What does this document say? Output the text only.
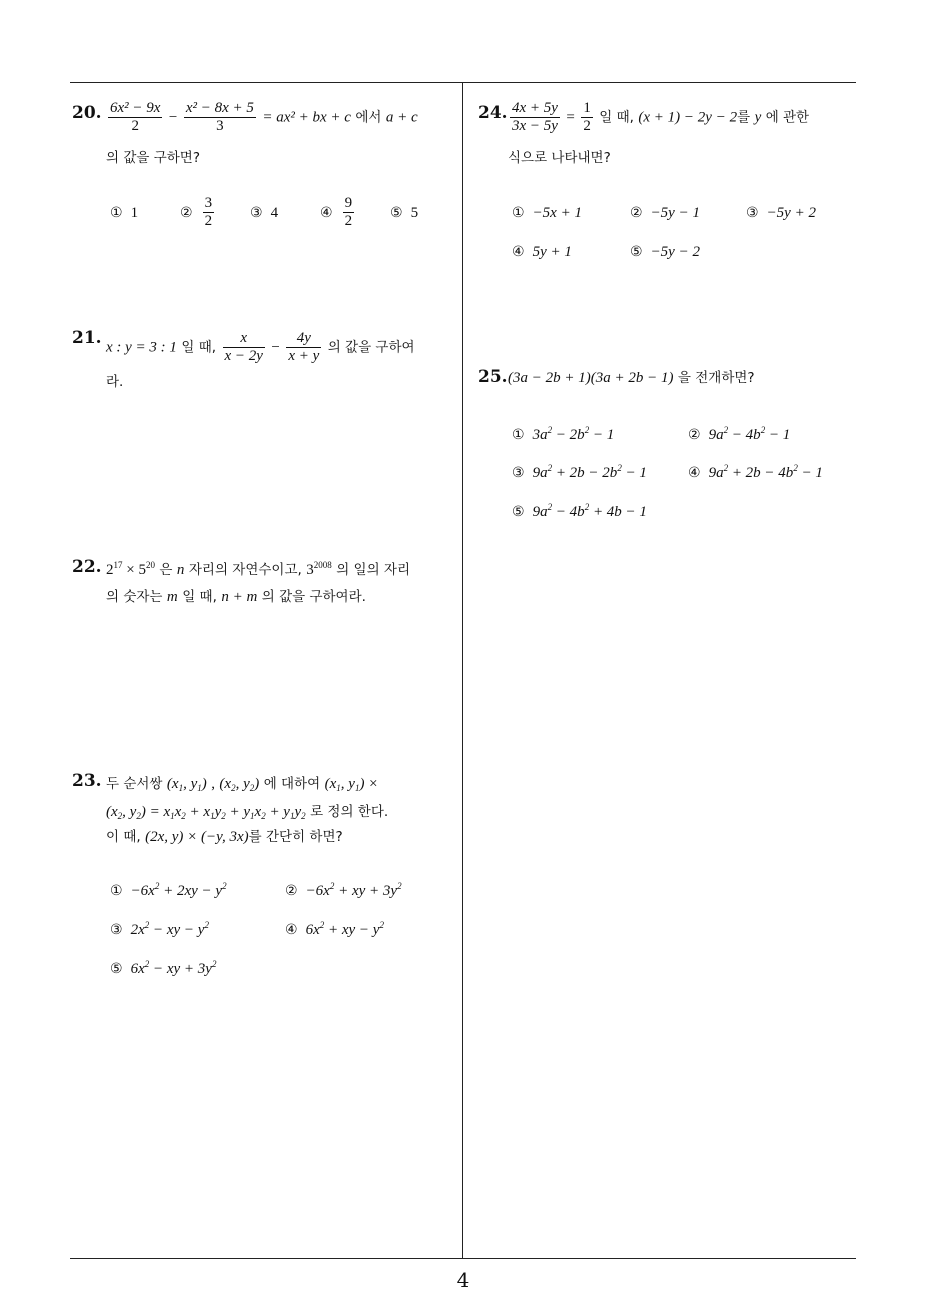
20. $\frac{\text{6x² − 9x}}{2} - \frac{\text{x² − 8x + 5}}{3} = ax^2$ + bx + c 에서 a + c
의 값을 구하면?
① 1	② $\frac{3}{2}$	③ 4	④ $\frac{9}{2}$	⑤ 5
21. x : y = 3 : 1 일 때, $\frac{x}{x - 2y} - \frac{4y}{x + y}$ 의 값을 구하여
라.
22. $2^{17} \times 5^{20}$ 은 n 자리의 자연수이고, $3^{2008}$ 의 일의 자리
의 숫자는 m 일 때, n + m 의 값을 구하여라.
23. 두 순서쌍 ($x_1$, $y_1$) , ($x_2$, $y_2$) 에 대하여 ($x_1$, $y_1$) ×
($x_2$, $y_2) = x_1x_2 + x_1y_2 + y_1x_2 + y_1y_2$ 로 정의 한다.
이 때, (2x, y) × (−y, 3x)를 간단히 하면?
① $-6x^2 + 2xy - y^2$	② $-6x^2$ + xy + $3y^2$
③ $2x^2$ − xy − $y^2$	④ $6x^2$ + xy − $y^2$
⑤ $6x^2$ − xy + $3y^2$
24. $\frac{4x + 5y}{3x - 5y} = \frac{1}{2}$ 일 때, (x + 1) − 2y − 2를 y 에 관한
식으로 나타내면?
① −5x + 1	② −5y − 1	③ −5y + 2
④ 5y + 1	⑤ −5y − 2
25. (3a − 2b + 1)(3a + 2b − 1) 을 전개하면?
① $3a^2 - 2b^2 - 1$	② $9a^2 - 4b^2 - 1$
③ $9a^2 + 2b - 2b^2 - 1$	④ $9a^2 + 2b - 4b^2 - 1$
⑤ $9a^2 - 4b^2 + 4b - 1$
4
